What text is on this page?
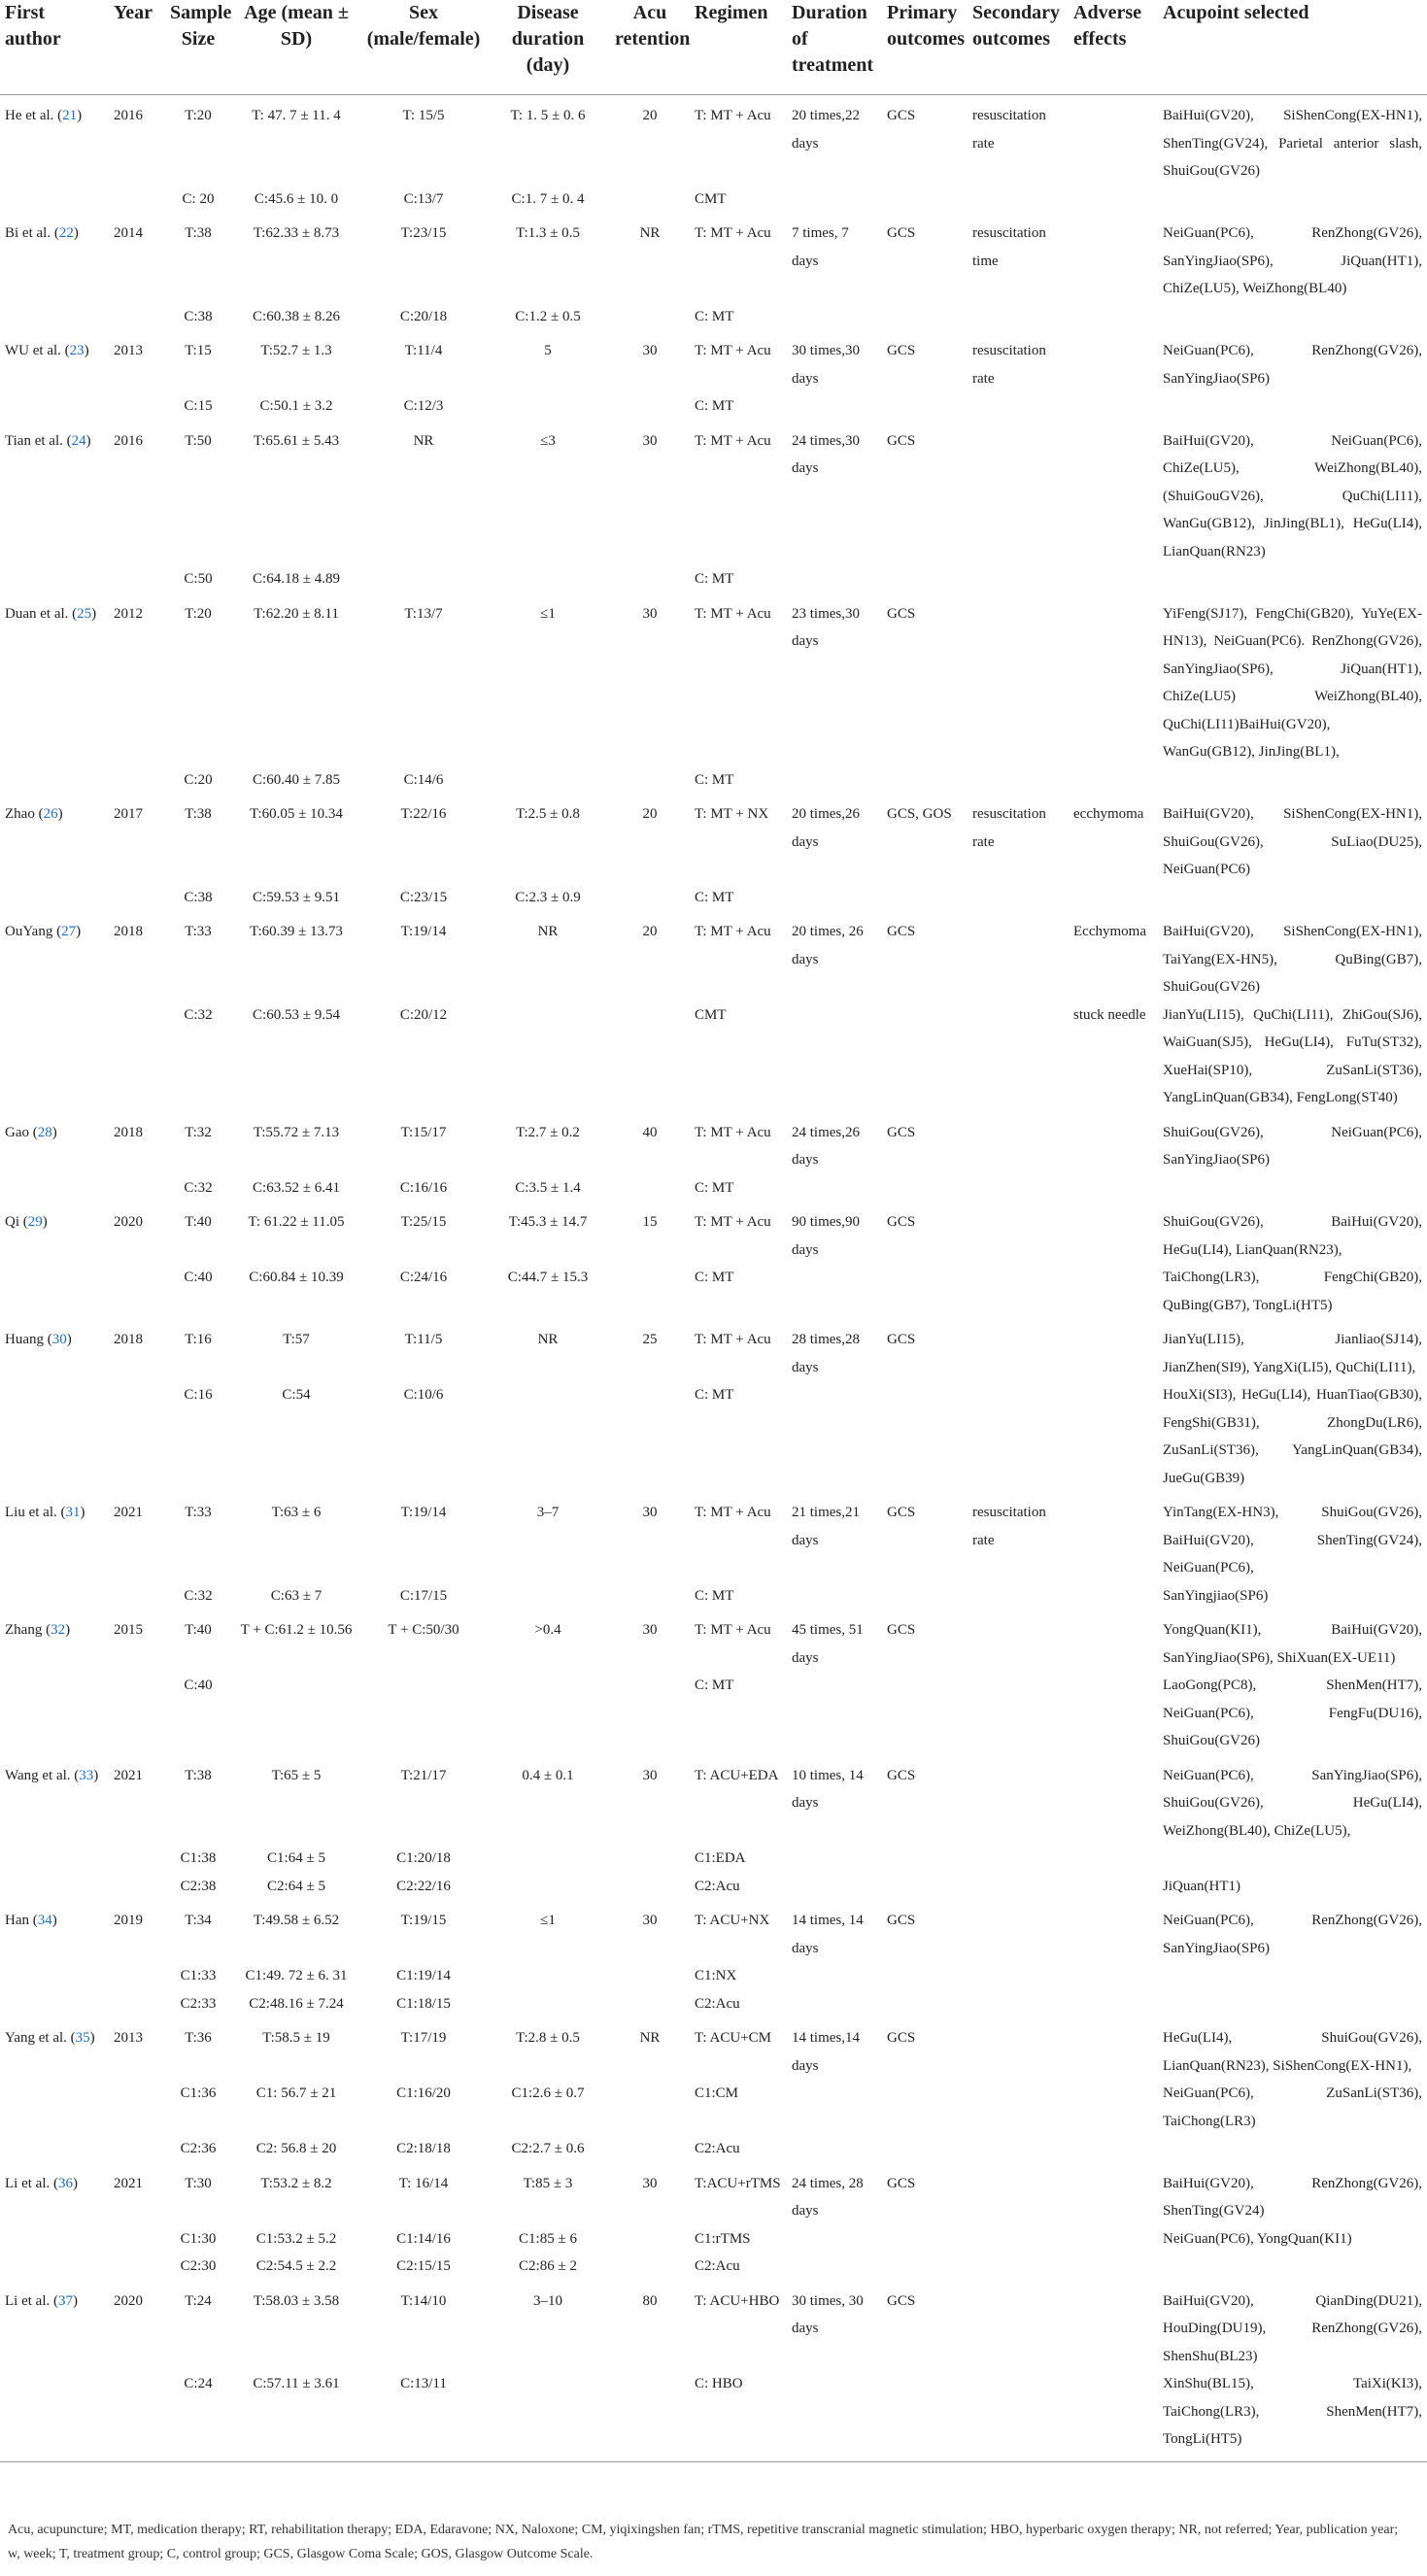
First author	Year	Sample Size	Age (mean ± SD)	Sex (male/female)	Disease duration (day)	Acu retention	Regimen	Duration of treatment	Primary outcomes	Secondary outcomes	Adverse effects	Acupoint selected
He et al. (21)	2016	T:20	T: 47. 7 ± 11. 4	T: 15/5	T: 1. 5 ± 0. 6	20	T: MT + Acu	20 times,22 days	GCS	resuscitation rate		BaiHui(GV20), SiShenCong(EX-HN1), ShenTing(GV24), Parietal anterior slash, ShuiGou(GV26)
		C: 20	C:45.6 ± 10. 0	C:13/7	C:1. 7 ± 0. 4		CMT					
Bi et al. (22)	2014	T:38	T:62.33 ± 8.73	T:23/15	T:1.3 ± 0.5	NR	T: MT + Acu	7 times, 7 days	GCS	resuscitation time		NeiGuan(PC6), RenZhong(GV26), SanYingJiao(SP6), JiQuan(HT1), ChiZe(LU5), WeiZhong(BL40)
		C:38	C:60.38 ± 8.26	C:20/18	C:1.2 ± 0.5		C: MT					
WU et al. (23)	2013	T:15	T:52.7 ± 1.3	T:11/4	5	30	T: MT + Acu	30 times,30 days	GCS	resuscitation rate		NeiGuan(PC6), RenZhong(GV26), SanYingJiao(SP6)
		C:15	C:50.1 ± 3.2	C:12/3			C: MT					
Tian et al. (24)	2016	T:50	T:65.61 ± 5.43	NR	≤3	30	T: MT + Acu	24 times,30 days	GCS			BaiHui(GV20), NeiGuan(PC6), ChiZe(LU5), WeiZhong(BL40), (ShuiGouGV26), QuChi(LI11), WanGu(GB12), JinJing(BL1), HeGu(LI4), LianQuan(RN23)
		C:50	C:64.18 ± 4.89				C: MT					
Duan et al. (25)	2012	T:20	T:62.20 ± 8.11	T:13/7	≤1	30	T: MT + Acu	23 times,30 days	GCS			YiFeng(SJ17), FengChi(GB20), YuYe(EX-HN13), NeiGuan(PC6). RenZhong(GV26), SanYingJiao(SP6), JiQuan(HT1), ChiZe(LU5) WeiZhong(BL40), QuChi(LI11)BaiHui(GV20), WanGu(GB12), JinJing(BL1),
		C:20	C:60.40 ± 7.85	C:14/6			C: MT					
Zhao (26)	2017	T:38	T:60.05 ± 10.34	T:22/16	T:2.5 ± 0.8	20	T: MT + NX	20 times,26 days	GCS, GOS	resuscitation rate	ecchymoma	BaiHui(GV20), SiShenCong(EX-HN1), ShuiGou(GV26), SuLiao(DU25), NeiGuan(PC6)
		C:38	C:59.53 ± 9.51	C:23/15	C:2.3 ± 0.9		C: MT					
OuYang (27)	2018	T:33	T:60.39 ± 13.73	T:19/14	NR	20	T: MT + Acu	20 times, 26 days	GCS		Ecchymoma	BaiHui(GV20), SiShenCong(EX-HN1), TaiYang(EX-HN5), QuBing(GB7), ShuiGou(GV26)
		C:32	C:60.53 ± 9.54	C:20/12			CMT				stuck needle	JianYu(LI15), QuChi(LI11), ZhiGou(SJ6), WaiGuan(SJ5), HeGu(LI4), FuTu(ST32), XueHai(SP10), ZuSanLi(ST36), YangLinQuan(GB34), FengLong(ST40)
Gao (28)	2018	T:32	T:55.72 ± 7.13	T:15/17	T:2.7 ± 0.2	40	T: MT + Acu	24 times,26 days	GCS			ShuiGou(GV26), NeiGuan(PC6), SanYingJiao(SP6)
		C:32	C:63.52 ± 6.41	C:16/16	C:3.5 ± 1.4		C: MT					
Qi (29)	2020	T:40	T: 61.22 ± 11.05	T:25/15	T:45.3 ± 14.7	15	T: MT + Acu	90 times,90 days	GCS			ShuiGou(GV26), BaiHui(GV20), HeGu(LI4), LianQuan(RN23),
		C:40	C:60.84 ± 10.39	C:24/16	C:44.7 ± 15.3		C: MT					TaiChong(LR3), FengChi(GB20), QuBing(GB7), TongLi(HT5)
Huang (30)	2018	T:16	T:57	T:11/5	NR	25	T: MT + Acu	28 times,28 days	GCS			JianYu(LI15), Jianliao(SJ14), JianZhen(SI9), YangXi(LI5), QuChi(LI11),
		C:16	C:54	C:10/6			C: MT					HouXi(SI3), HeGu(LI4), HuanTiao(GB30), FengShi(GB31), ZhongDu(LR6), ZuSanLi(ST36), YangLinQuan(GB34), JueGu(GB39)
Liu et al. (31)	2021	T:33	T:63 ± 6	T:19/14	3–7	30	T: MT + Acu	21 times,21 days	GCS	resuscitation rate		YinTang(EX-HN3), ShuiGou(GV26), BaiHui(GV20), ShenTing(GV24), NeiGuan(PC6),
		C:32	C:63 ± 7	C:17/15			C: MT					SanYingjiao(SP6)
Zhang (32)	2015	T:40	T + C:61.2 ± 10.56	T + C:50/30	>0.4	30	T: MT + Acu	45 times, 51 days	GCS			YongQuan(KI1), BaiHui(GV20), SanYingJiao(SP6), ShiXuan(EX-UE11)
		C:40					C: MT					LaoGong(PC8), ShenMen(HT7), NeiGuan(PC6), FengFu(DU16), ShuiGou(GV26)
Wang et al. (33)	2021	T:38	T:65 ± 5	T:21/17	0.4 ± 0.1	30	T: ACU+EDA	10 times, 14 days	GCS			NeiGuan(PC6), SanYingJiao(SP6), ShuiGou(GV26), HeGu(LI4), WeiZhong(BL40), ChiZe(LU5),
		C1:38	C1:64 ± 5	C1:20/18			C1:EDA					
		C2:38	C2:64 ± 5	C2:22/16			C2:Acu					JiQuan(HT1)
Han (34)	2019	T:34	T:49.58 ± 6.52	T:19/15	≤1	30	T: ACU+NX	14 times, 14 days	GCS			NeiGuan(PC6), RenZhong(GV26), SanYingJiao(SP6)
		C1:33	C1:49. 72 ± 6. 31	C1:19/14			C1:NX					
		C2:33	C2:48.16 ± 7.24	C1:18/15			C2:Acu					
Yang et al. (35)	2013	T:36	T:58.5 ± 19	T:17/19	T:2.8 ± 0.5	NR	T: ACU+CM	14 times,14 days	GCS			HeGu(LI4), ShuiGou(GV26), LianQuan(RN23), SiShenCong(EX-HN1),
		C1:36	C1: 56.7 ± 21	C1:16/20	C1:2.6 ± 0.7		C1:CM					NeiGuan(PC6), ZuSanLi(ST36), TaiChong(LR3)
		C2:36	C2: 56.8 ± 20	C2:18/18	C2:2.7 ± 0.6		C2:Acu					
Li et al. (36)	2021	T:30	T:53.2 ± 8.2	T: 16/14	T:85 ± 3	30	T:ACU+rTMS	24 times, 28 days	GCS			BaiHui(GV20), RenZhong(GV26), ShenTing(GV24)
		C1:30	C1:53.2 ± 5.2	C1:14/16	C1:85 ± 6		C1:rTMS					NeiGuan(PC6), YongQuan(KI1)
		C2:30	C2:54.5 ± 2.2	C2:15/15	C2:86 ± 2		C2:Acu					
Li et al. (37)	2020	T:24	T:58.03 ± 3.58	T:14/10	3–10	80	T: ACU+HBO	30 times, 30 days	GCS			BaiHui(GV20), QianDing(DU21), HouDing(DU19), RenZhong(GV26), ShenShu(BL23)
		C:24	C:57.11 ± 3.61	C:13/11			C: HBO					XinShu(BL15), TaiXi(KI3), TaiChong(LR3), ShenMen(HT7), TongLi(HT5)
Acu, acupuncture; MT, medication therapy; RT, rehabilitation therapy; EDA, Edaravone; NX, Naloxone; CM, yiqixingshen fan; rTMS, repetitive transcranial magnetic stimulation; HBO, hyperbaric oxygen therapy; NR, not referred; Year, publication year; w, week; T, treatment group; C, control group; GCS, Glasgow Coma Scale; GOS, Glasgow Outcome Scale.
